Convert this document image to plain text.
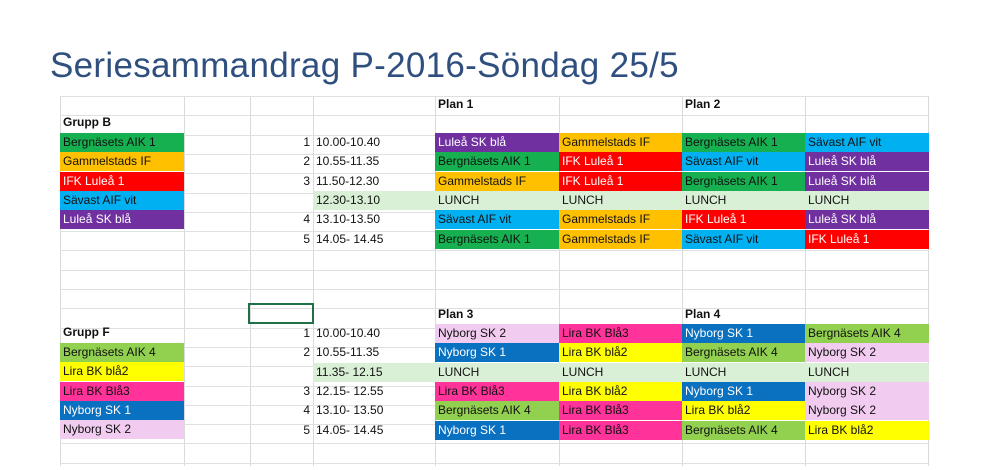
Seriesammandrag P-2016-Söndag 25/5
Grupp B
Plan 1	Plan 2
Bergnäsets AIK 1
Gammelstads IF
IFK Luleå 1
Sävast AIF vit
Luleå SK blå
1 10.00-10.40	Luleå SK blå	Gammelstads IF	Bergnäsets AIK 1	Sävast AIF vit
2 10.55-11.35	Bergnäsets AIK 1	IFK Luleå 1	Sävast AIF vit	Luleå SK blå
3 11.50-12.30	Gammelstads IF	IFK Luleå 1	Bergnäsets AIK 1	Luleå SK blå
12.30-13.10	LUNCH	LUNCH	LUNCH	LUNCH
4 13.10-13.50	Sävast AIF vit	Gammelstads IF	IFK Luleå 1	Luleå SK blå
5 14.05- 14.45	Bergnäsets AIK 1	Gammelstads IF	Sävast AIF vit	IFK Luleå 1
Grupp F
Plan 3	Plan 4
Bergnäsets AIK 4
Lira BK blå2
Lira BK Blå3
Nyborg SK 1
Nyborg SK 2
1 10.00-10.40	Nyborg SK 2	Lira BK Blå3	Nyborg SK 1	Bergnäsets AIK 4
2 10.55-11.35	Nyborg SK 1	Lira BK blå2	Bergnäsets AIK 4	Nyborg SK 2
11.35- 12.15	LUNCH	LUNCH	LUNCH	LUNCH
3 12.15- 12.55	Lira BK Blå3	Lira BK blå2	Nyborg SK 1	Nyborg SK 2
4 13.10- 13.50	Bergnäsets AIK 4	Lira BK Blå3	Lira BK blå2	Nyborg SK 2
5 14.05- 14.45	Nyborg SK 1	Lira BK Blå3	Bergnäsets AIK 4	Lira BK blå2
